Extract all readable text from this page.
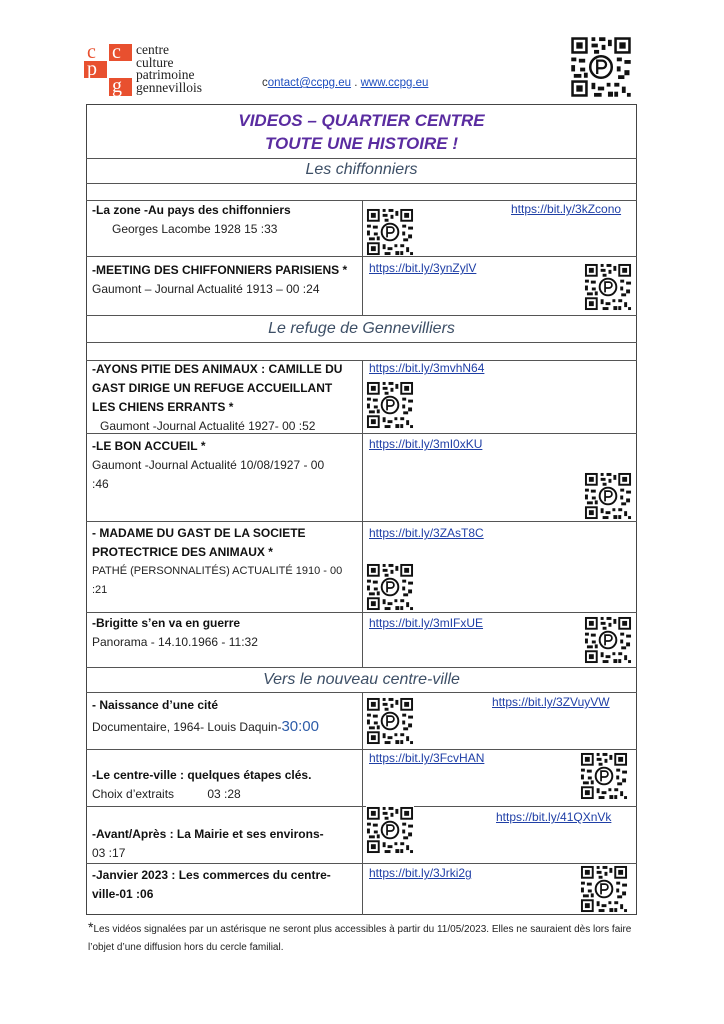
c c
p
g
centre
culture
patrimoine
gennevillois	contact@ccpg.eu . www.ccpg.eu
VIDEOS – QUARTIER CENTRE
TOUTE UNE HISTOIRE !
Les chiffonniers
-La zone -Au pays des chiffonniers
Georges Lacombe 1928 15 :33
https://bit.ly/3kZcono
-MEETING DES CHIFFONNIERS PARISIENS *
Gaumont – Journal Actualité 1913 – 00 :24
https://bit.ly/3ynZylV
Le refuge de Gennevilliers
-AYONS PITIE DES ANIMAUX : CAMILLE DU GAST DIRIGE UN REFUGE ACCUEILLANT LES CHIENS ERRANTS *
Gaumont -Journal Actualité 1927- 00 :52
https://bit.ly/3mvhN64
-LE BON ACCUEIL *
Gaumont -Journal Actualité 10/08/1927 - 00 :46
https://bit.ly/3mI0xKU
- MADAME DU GAST DE LA SOCIETE PROTECTRICE DES ANIMAUX *
PATHÉ (PERSONNALITÉS) ACTUALITÉ 1910 - 00 :21
https://bit.ly/3ZAsT8C
-Brigitte s’en va en guerre
Panorama - 14.10.1966 - 11:32
https://bit.ly/3mIFxUE
Vers le nouveau centre-ville
- Naissance d’une cité
Documentaire, 1964- Louis Daquin-30:00
https://bit.ly/3ZVuyVW
-Le centre-ville : quelques étapes clés.
Choix d’extraits          03 :28
https://bit.ly/3FcvHAN
-Avant/Après : La Mairie et ses environs-
03 :17
https://bit.ly/41QXnVk
-Janvier 2023 : Les commerces du centre-ville-01 :06
https://bit.ly/3Jrki2g
*Les vidéos signalées par un astérisque ne seront plus accessibles à partir du 11/05/2023. Elles ne sauraient dès lors faire l’objet d’une diffusion hors du cercle familial.
